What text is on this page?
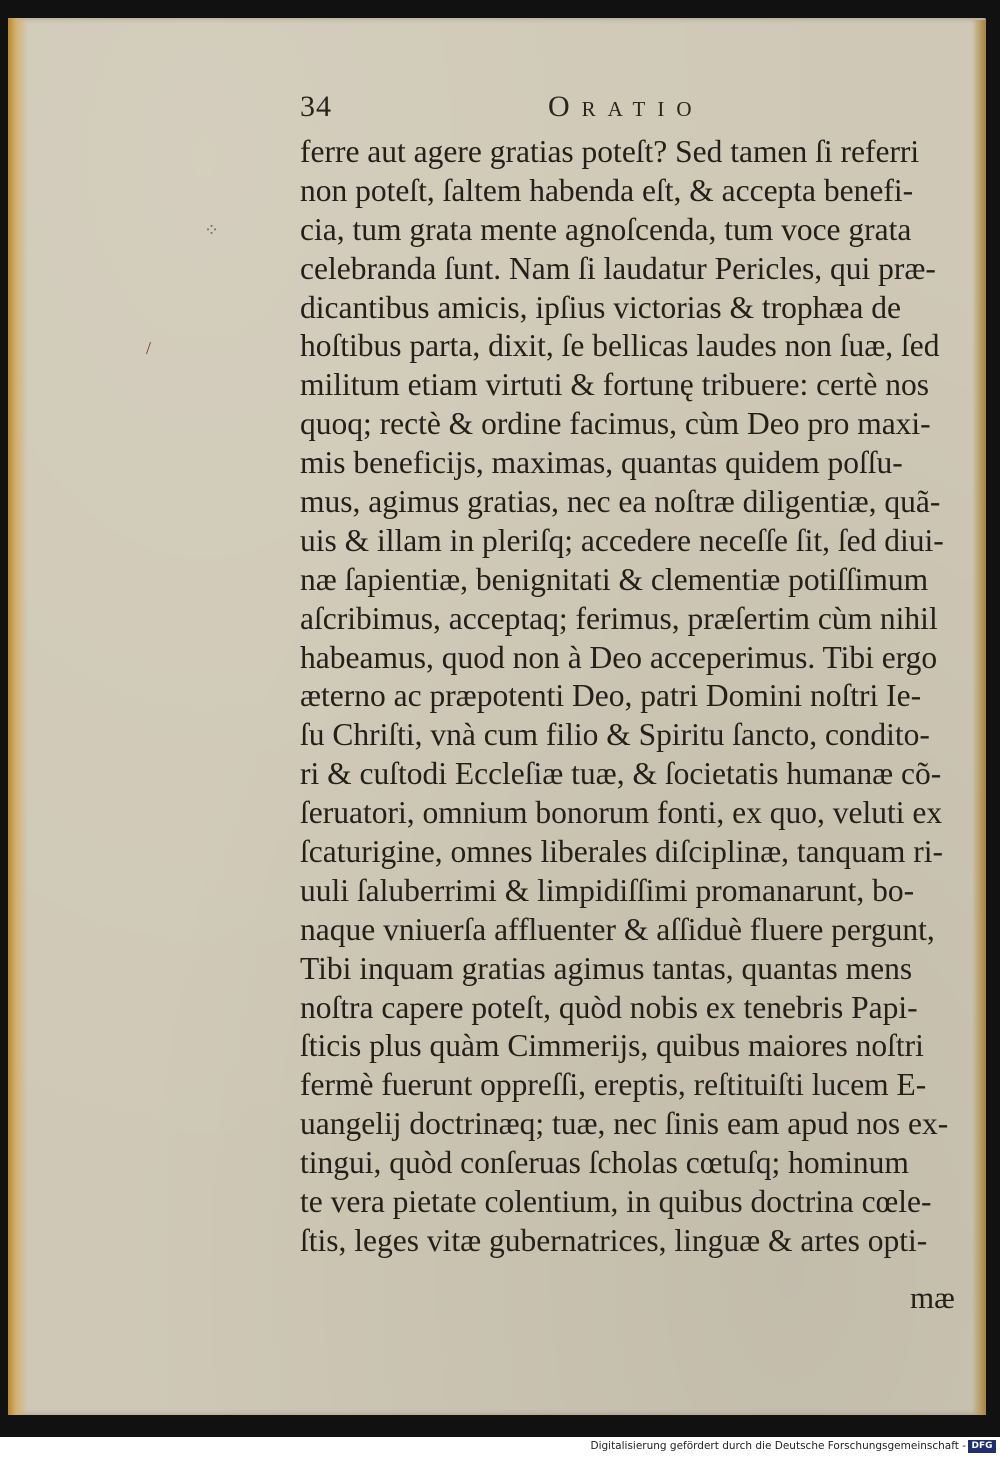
⁘
/
34	Oratio
ferre aut agere gratias poteſt? Sed tamen ſi referri
non poteſt, ſaltem habenda eſt, & accepta benefi-
cia, tum grata mente agnoſcenda, tum voce grata
celebranda ſunt. Nam ſi laudatur Pericles, qui præ-
dicantibus amicis, ipſius victorias & trophæa de
hoſtibus parta, dixit, ſe bellicas laudes non ſuæ, ſed
militum etiam virtuti & fortunę tribuere: certè nos
quoq; rectè & ordine facimus, cùm Deo pro maxi-
mis beneficijs, maximas, quantas quidem poſſu-
mus, agimus gratias, nec ea noſtræ diligentiæ, quã-
uis & illam in pleriſq; accedere neceſſe ſit, ſed diui-
næ ſapientiæ, benignitati & clementiæ potiſſimum
aſcribimus, acceptaq; ferimus, præſertim cùm nihil
habeamus, quod non à Deo acceperimus. Tibi ergo
æterno ac præpotenti Deo, patri Domini noſtri Ie-
ſu Chriſti, vnà cum filio & Spiritu ſancto, condito-
ri & cuſtodi Eccleſiæ tuæ, & ſocietatis humanæ cõ-
ſeruatori, omnium bonorum fonti, ex quo, veluti ex
ſcaturigine, omnes liberales diſciplinæ, tanquam ri-
uuli ſaluberrimi & limpidiſſimi promanarunt, bo-
naque vniuerſa affluenter & aſſiduè fluere pergunt,
Tibi inquam gratias agimus tantas, quantas mens
noſtra capere poteſt, quòd nobis ex tenebris Papi-
ſticis plus quàm Cimmerijs, quibus maiores noſtri
fermè fuerunt oppreſſi, ereptis, reſtituiſti lucem E-
uangelij doctrinæq; tuæ, nec ſinis eam apud nos ex-
tingui, quòd conſeruas ſcholas cœtuſq; hominum
te vera pietate colentium, in quibus doctrina cœle-
ſtis, leges vitæ gubernatrices, linguæ & artes opti-
mæ
Digitalisierung gefördert durch die Deutsche Forschungsgemeinschaft - DFG
